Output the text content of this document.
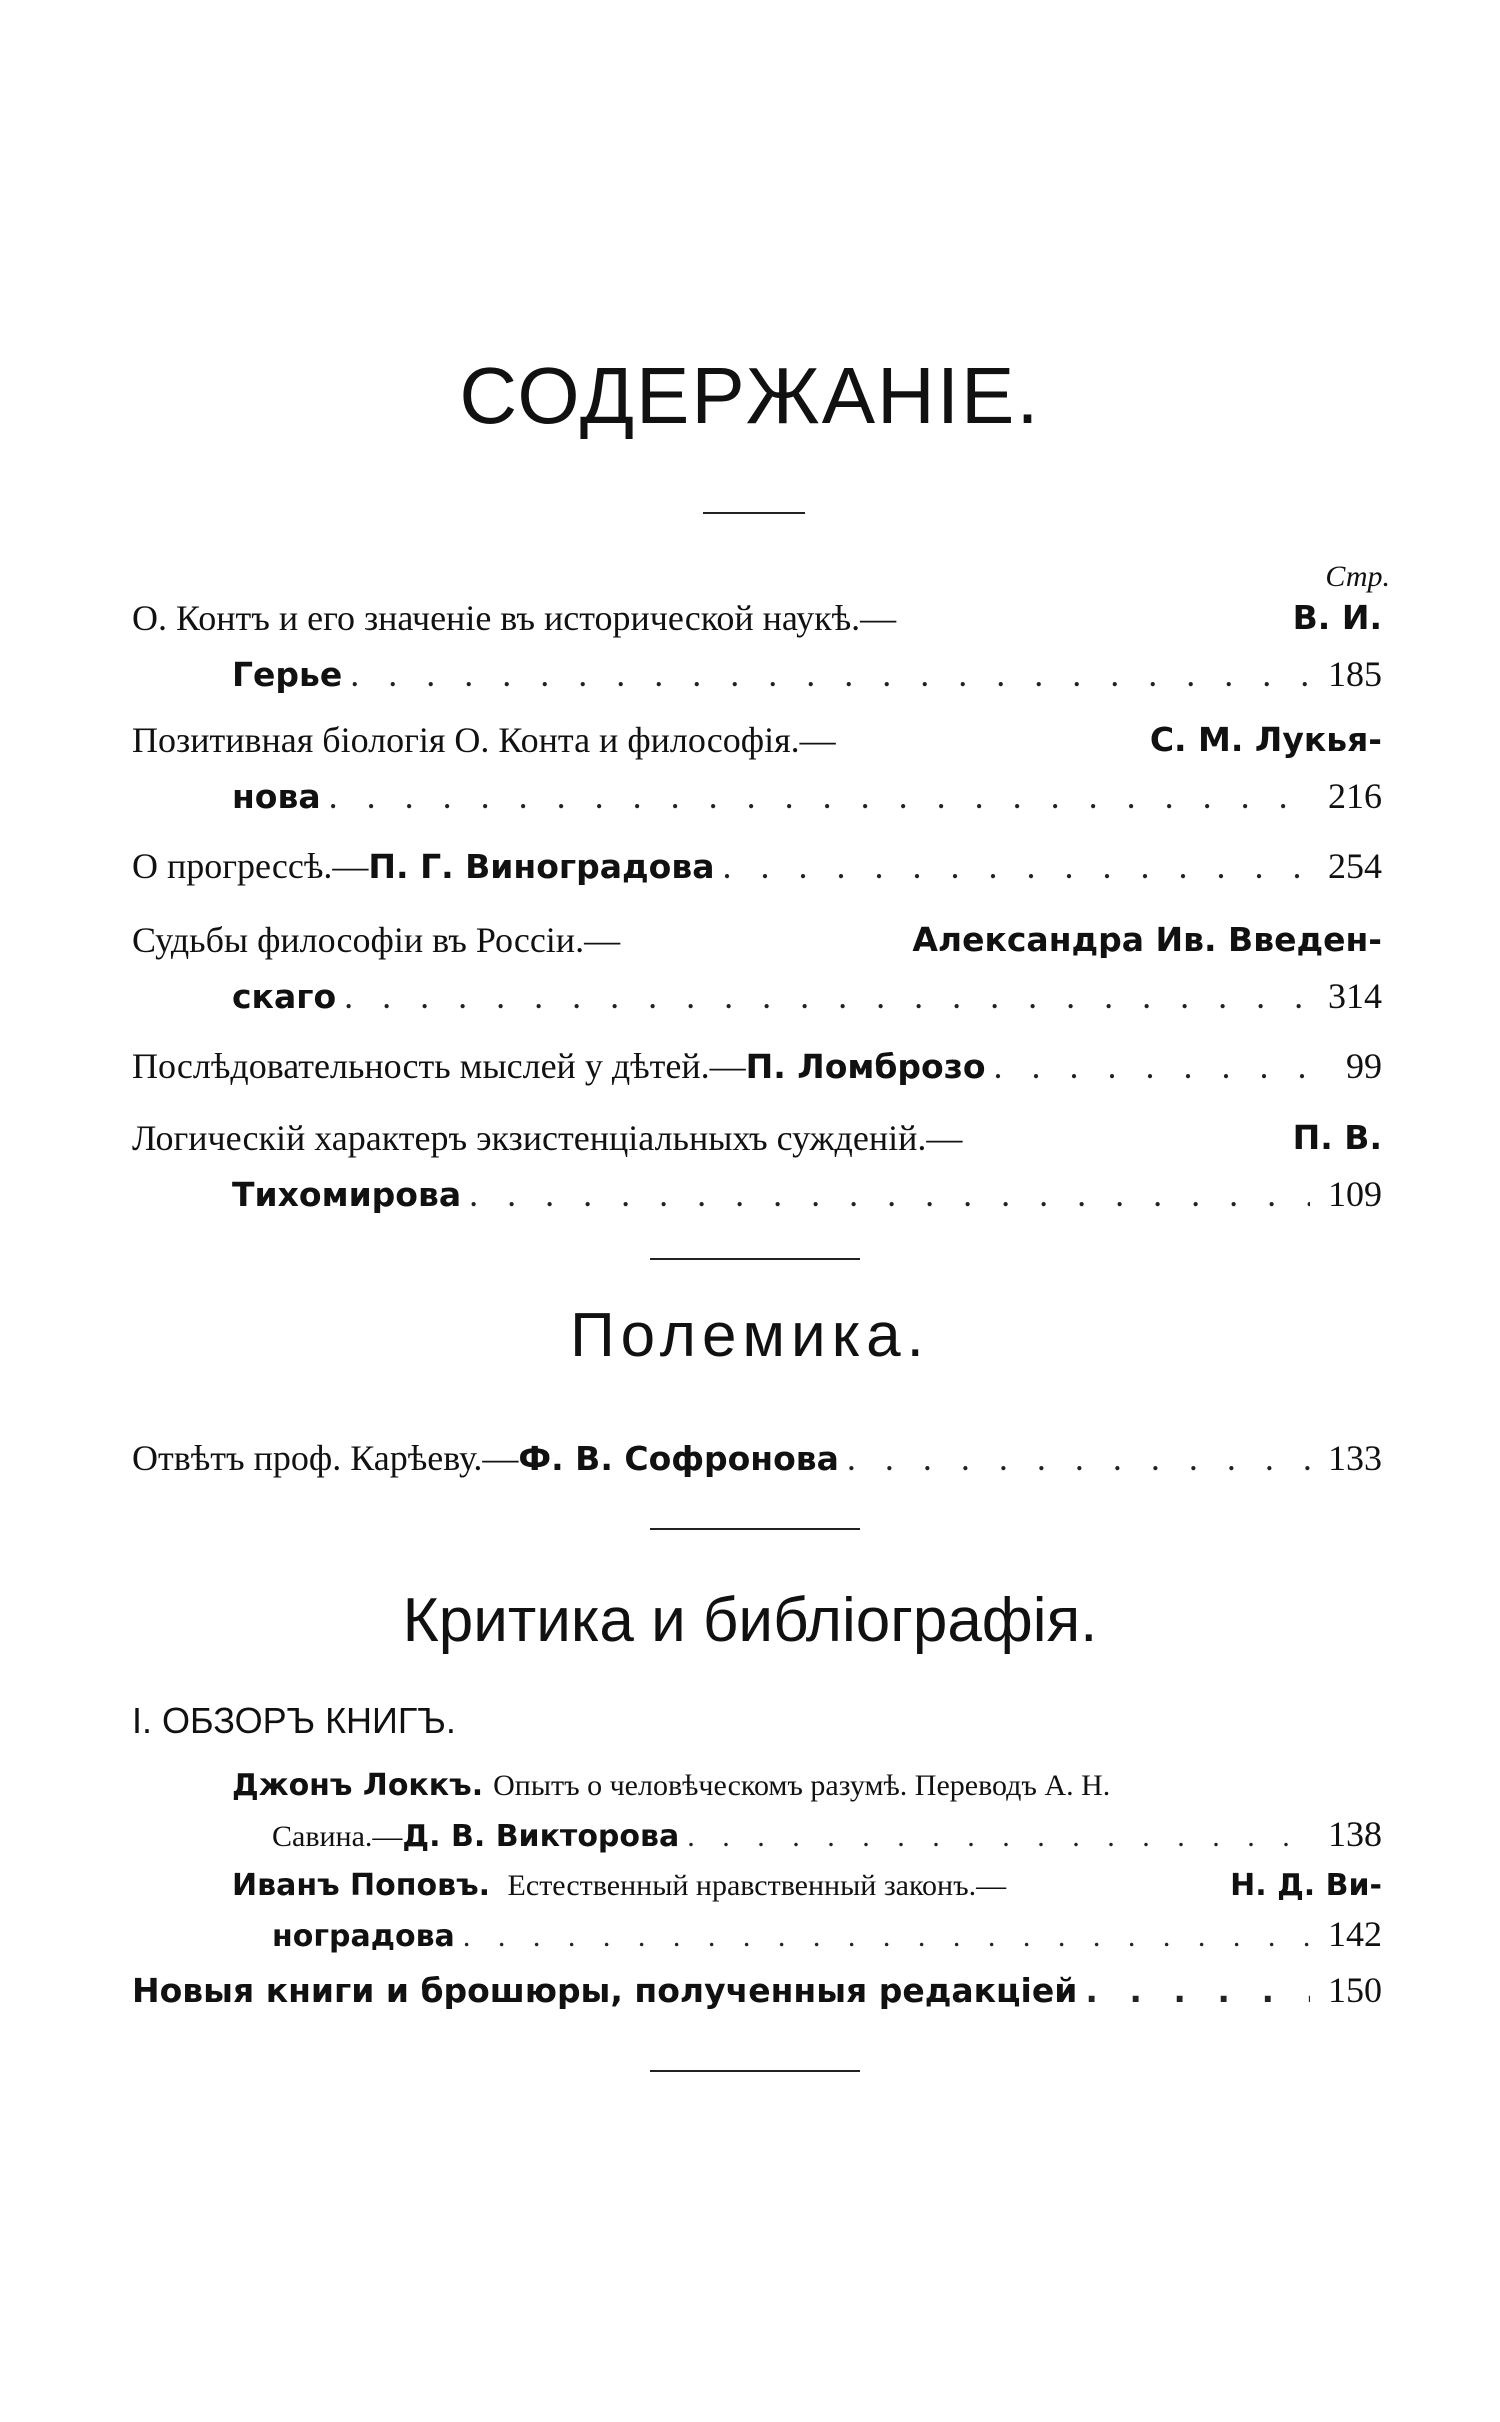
СОДЕРЖАНІЕ.
Стр.
О. Контъ и его значеніе въ исторической наукѣ.—	В. И.
Герье . . .	185
Позитивная біологія О. Конта и философія.—	С. М. Лукья-
нова . . .	216
О прогрессѣ.— П. Г. Виноградова . . .	254
Судьбы философіи въ Россіи.—	Александра Ив. Введен-
скаго . . .	314
Послѣдовательность мыслей у дѣтей.— П. Ломброзо . . .	99
Логическій характеръ экзистенціальныхъ сужденій.—	П. В.
Тихомирова . . .	109
Полемика.
Отвѣтъ проф. Карѣеву.— Ф. В. Софронова . . .	133
Критика и библіографія.
I. ОБЗОРЪ КНИГЪ.
Джонъ Локкъ. Опытъ о человѣческомъ разумѣ. Переводъ А. Н.
Савина.— Д. В. Викторова . . .	138
Иванъ Поповъ. Естественный нравственный законъ.—	Н. Д. Ви-
ноградова . . .	142
Новыя книги и брошюры, полученныя редакціей . . .	150
